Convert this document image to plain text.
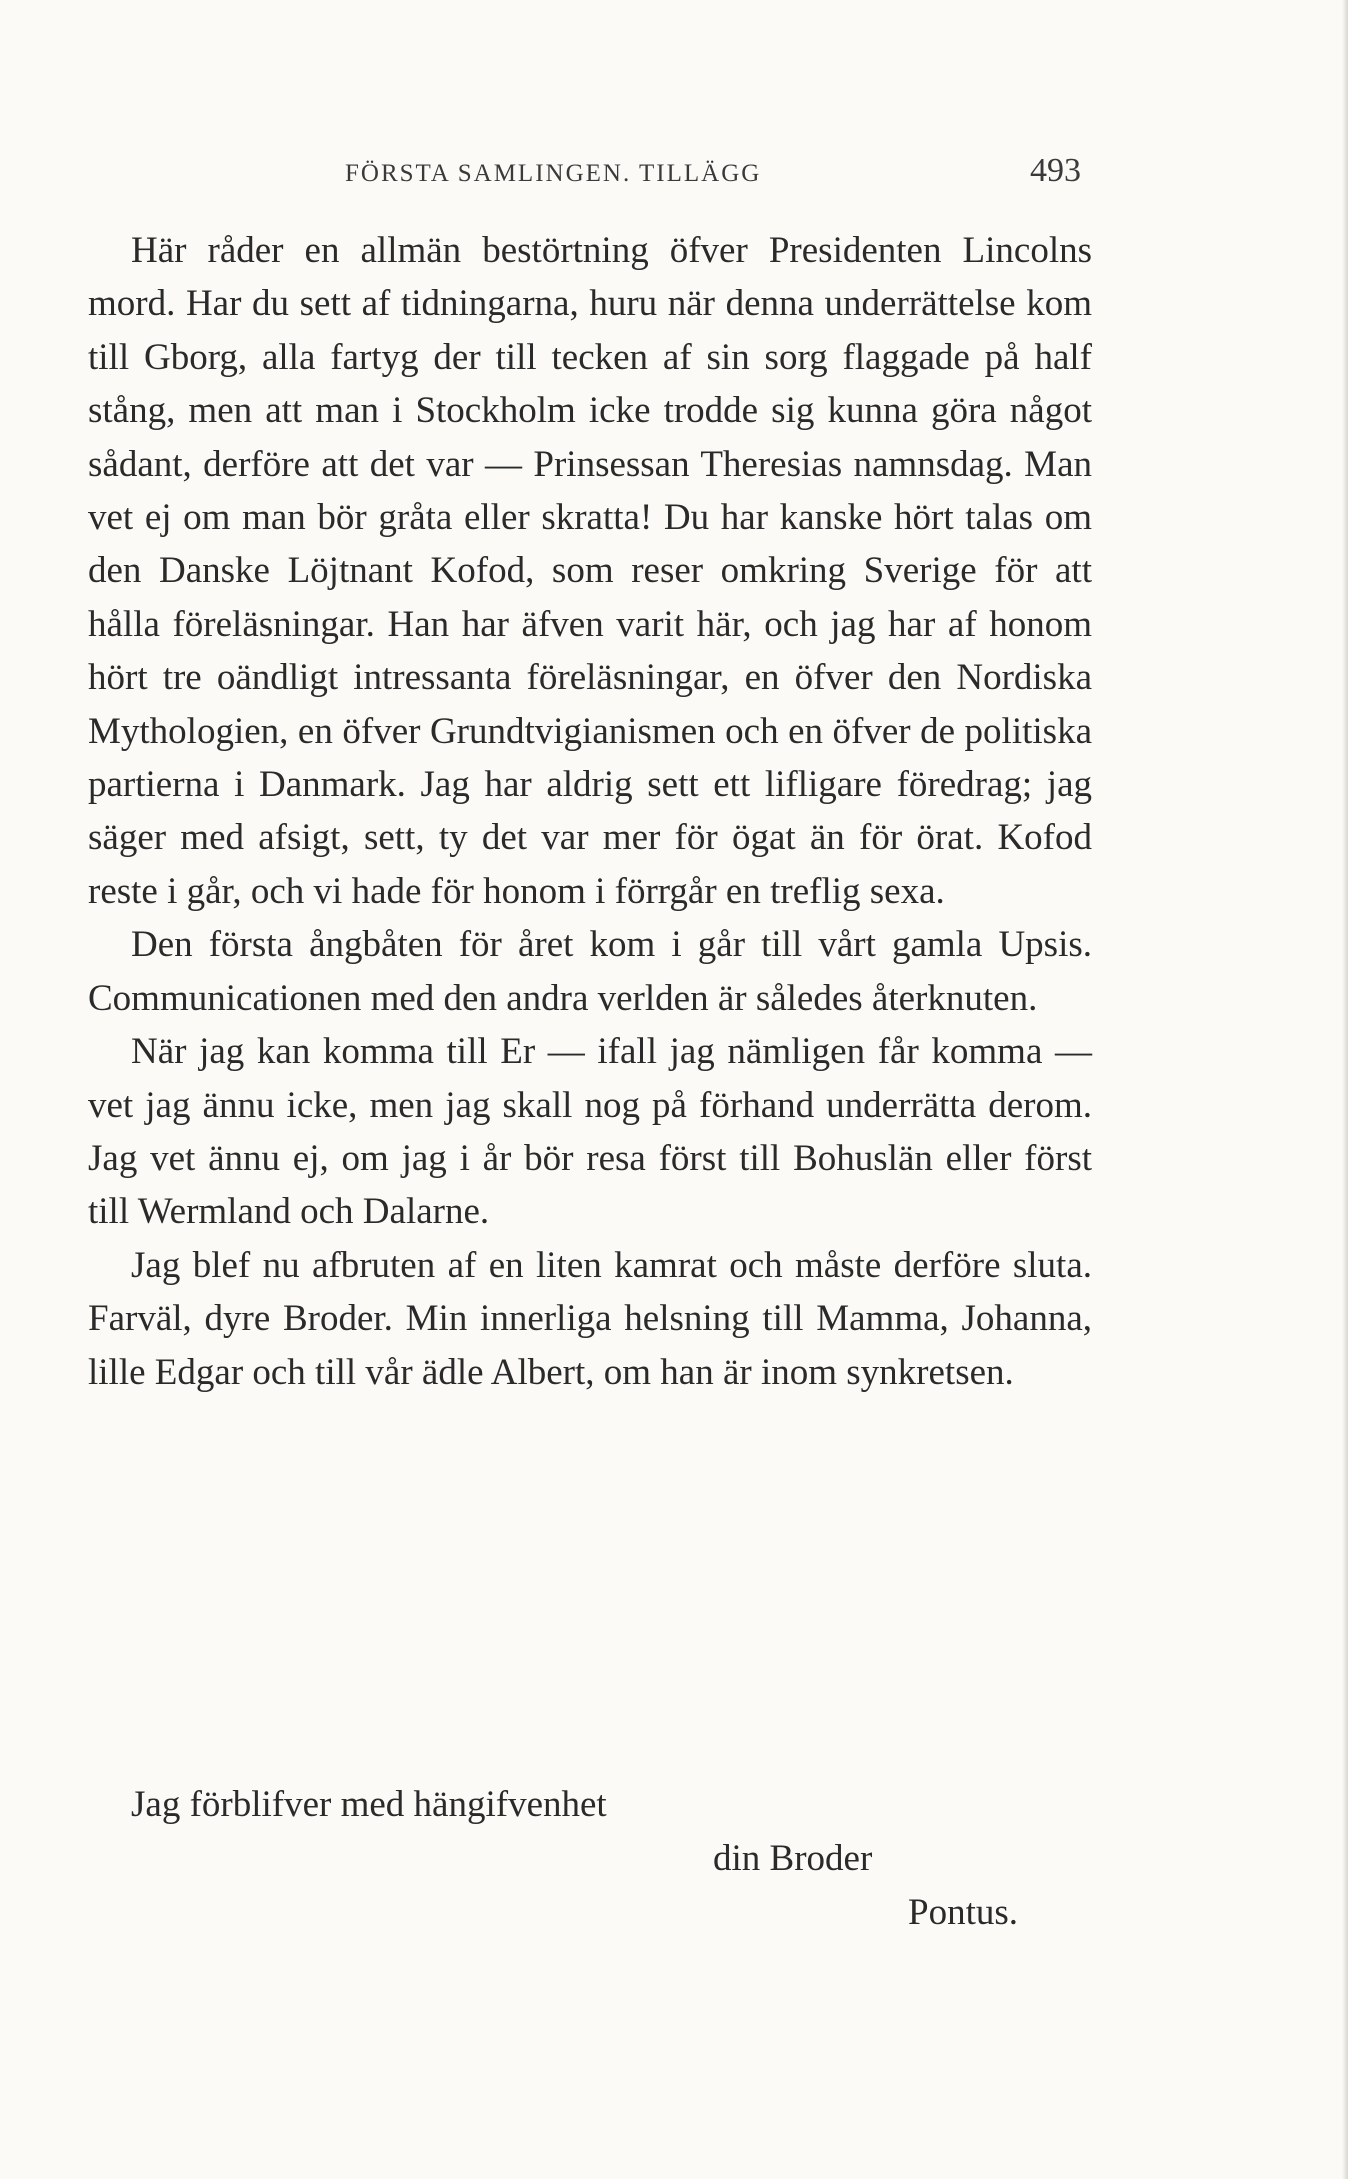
FÖRSTA SAMLINGEN. TILLÄGG	493

Här råder en allmän bestörtning öfver Presidenten Lincolns mord. Har du sett af tidningarna, huru när denna underrättelse kom till Gborg, alla fartyg der till tecken af sin sorg flaggade på half stång, men att man i Stockholm icke trodde sig kunna göra något sådant, derföre att det var — Prinsessan Theresias namnsdag. Man vet ej om man bör gråta eller skratta! Du har kanske hört talas om den Danske Löjtnant Kofod, som reser omkring Sverige för att hålla föreläsningar. Han har äfven varit här, och jag har af honom hört tre oändligt intressanta föreläsningar, en öfver den Nordiska Mythologien, en öfver Grundtvigianismen och en öfver de politiska partierna i Danmark. Jag har aldrig sett ett lifligare föredrag; jag säger med afsigt, sett, ty det var mer för ögat än för örat. Kofod reste i går, och vi hade för honom i förrgår en treflig sexa.

Den första ångbåten för året kom i går till vårt gamla Upsis. Communicationen med den andra verlden är således återknuten.

När jag kan komma till Er — ifall jag nämligen får komma — vet jag ännu icke, men jag skall nog på förhand underrätta derom. Jag vet ännu ej, om jag i år bör resa först till Bohuslän eller först till Wermland och Dalarne.

Jag blef nu afbruten af en liten kamrat och måste derföre sluta. Farväl, dyre Broder. Min innerliga helsning till Mamma, Johanna, lille Edgar och till vår ädle Albert, om han är inom synkretsen.

Jag förblifver med hängifvenhet
din Broder
Pontus.
